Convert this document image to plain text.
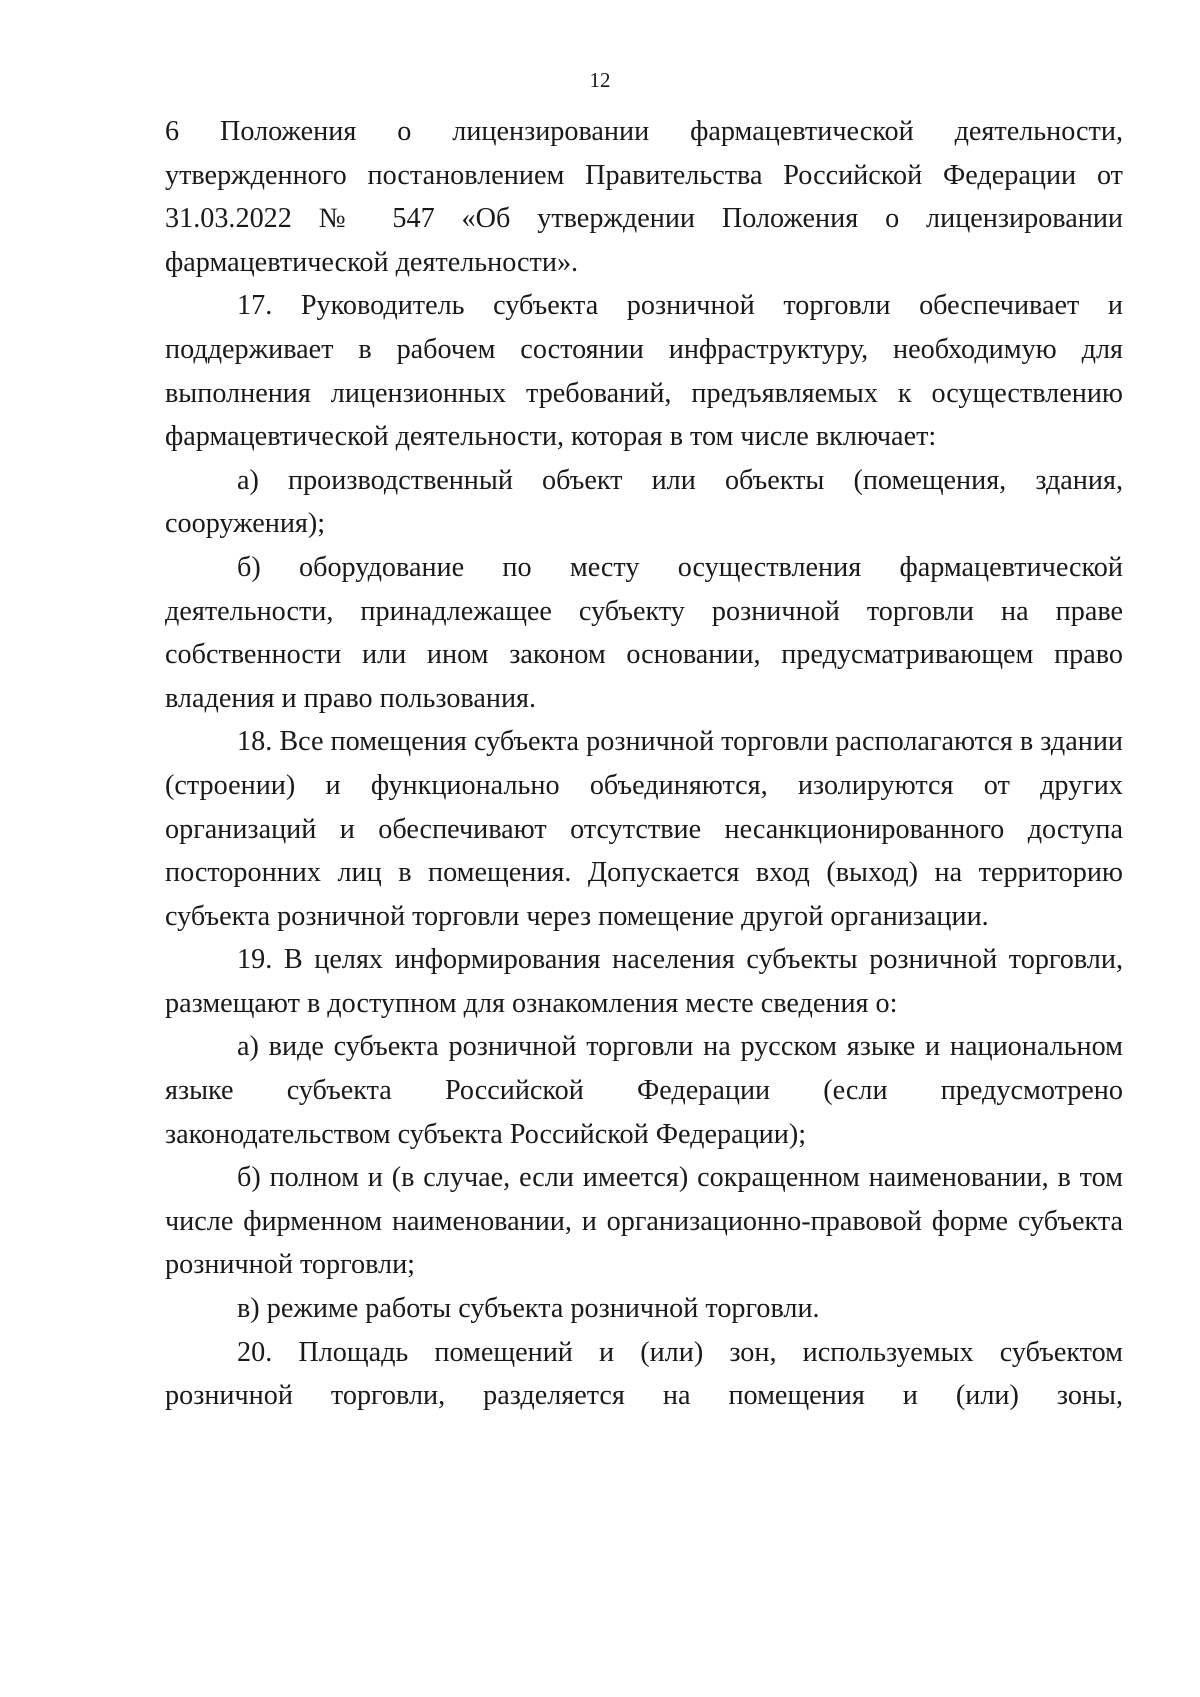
12

6 Положения о лицензировании фармацевтической деятельности, утвержденного постановлением Правительства Российской Федерации от 31.03.2022 № 547 «Об утверждении Положения о лицензировании фармацевтической деятельности».

17. Руководитель субъекта розничной торговли обеспечивает и поддерживает в рабочем состоянии инфраструктуру, необходимую для выполнения лицензионных требований, предъявляемых к осуществлению фармацевтической деятельности, которая в том числе включает:

а) производственный объект или объекты (помещения, здания, сооружения);

б) оборудование по месту осуществления фармацевтической деятельности, принадлежащее субъекту розничной торговли на праве собственности или ином законом основании, предусматривающем право владения и право пользования.

18. Все помещения субъекта розничной торговли располагаются в здании (строении) и функционально объединяются, изолируются от других организаций и обеспечивают отсутствие несанкционированного доступа посторонних лиц в помещения. Допускается вход (выход) на территорию субъекта розничной торговли через помещение другой организации.

19. В целях информирования населения субъекты розничной торговли, размещают в доступном для ознакомления месте сведения о:

а) виде субъекта розничной торговли на русском языке и национальном языке субъекта Российской Федерации (если предусмотрено законодательством субъекта Российской Федерации);

б) полном и (в случае, если имеется) сокращенном наименовании, в том числе фирменном наименовании, и организационно-правовой форме субъекта розничной торговли;

в) режиме работы субъекта розничной торговли.

20. Площадь помещений и (или) зон, используемых субъектом розничной торговли, разделяется на помещения и (или) зоны,
